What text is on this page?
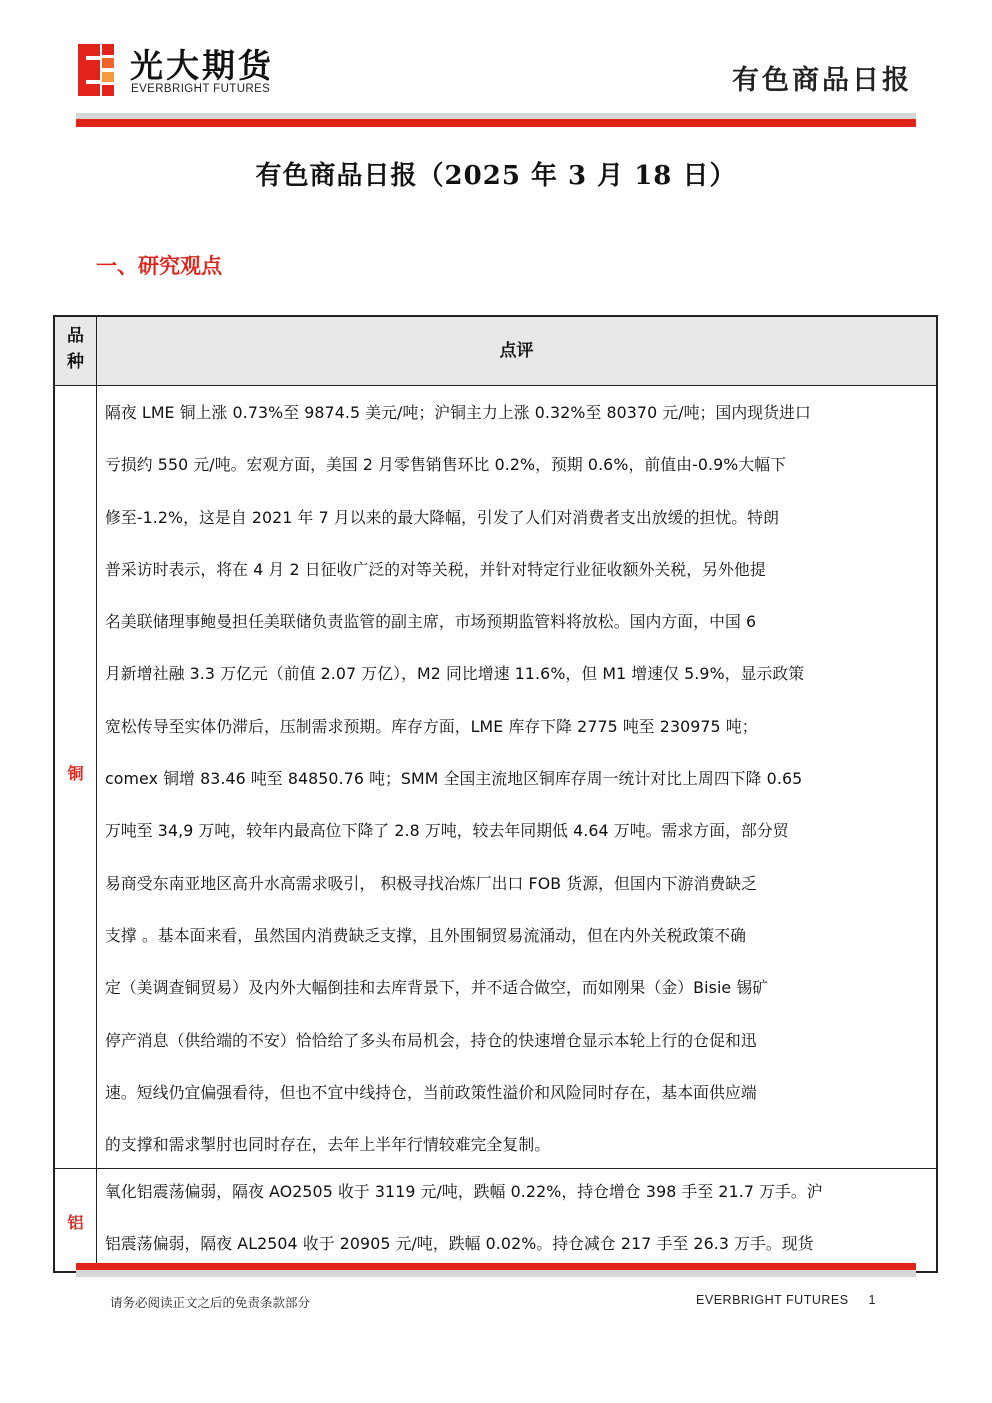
光大期货
EVERBRIGHT FUTURES	有色商品日报
有色商品日报（2025 年 3 月 18 日）
一、研究观点
品种
点评
铜
隔夜 LME 铜上涨 0.73%至 9874.5 美元/吨；沪铜主力上涨 0.32%至 80370 元/吨；国内现货进口
亏损约 550 元/吨。宏观方面，美国 2 月零售销售环比 0.2%，预期 0.6%，前值由-0.9%大幅下
修至-1.2%，这是自 2021 年 7 月以来的最大降幅，引发了人们对消费者支出放缓的担忧。特朗
普采访时表示，将在 4 月 2 日征收广泛的对等关税，并针对特定行业征收额外关税，另外他提
名美联储理事鲍曼担任美联储负责监管的副主席，市场预期监管料将放松。国内方面，中国 6
月新增社融 3.3 万亿元（前值 2.07 万亿），M2 同比增速 11.6%，但 M1 增速仅 5.9%，显示政策
宽松传导至实体仍滞后，压制需求预期。库存方面，LME 库存下降 2775 吨至 230975 吨；
comex 铜增 83.46 吨至 84850.76 吨；SMM 全国主流地区铜库存周一统计对比上周四下降 0.65
万吨至 34,9 万吨，较年内最高位下降了 2.8 万吨，较去年同期低 4.64 万吨。需求方面，部分贸
易商受东南亚地区高升水高需求吸引， 积极寻找冶炼厂出口 FOB 货源，但国内下游消费缺乏
支撑 。基本面来看，虽然国内消费缺乏支撑，且外围铜贸易流涌动，但在内外关税政策不确
定（美调查铜贸易）及内外大幅倒挂和去库背景下，并不适合做空，而如刚果（金）Bisie 锡矿
停产消息（供给端的不安）恰恰给了多头布局机会，持仓的快速增仓显示本轮上行的仓促和迅
速。短线仍宜偏强看待，但也不宜中线持仓，当前政策性溢价和风险同时存在，基本面供应端
的支撑和需求掣肘也同时存在，去年上半年行情较难完全复制。
铝
氧化铝震荡偏弱，隔夜 AO2505 收于 3119 元/吨，跌幅 0.22%，持仓增仓 398 手至 21.7 万手。沪
铝震荡偏弱，隔夜 AL2504 收于 20905 元/吨，跌幅 0.02%。持仓减仓 217 手至 26.3 万手。现货
请务必阅读正文之后的免责条款部分	EVERBRIGHT FUTURES 1
